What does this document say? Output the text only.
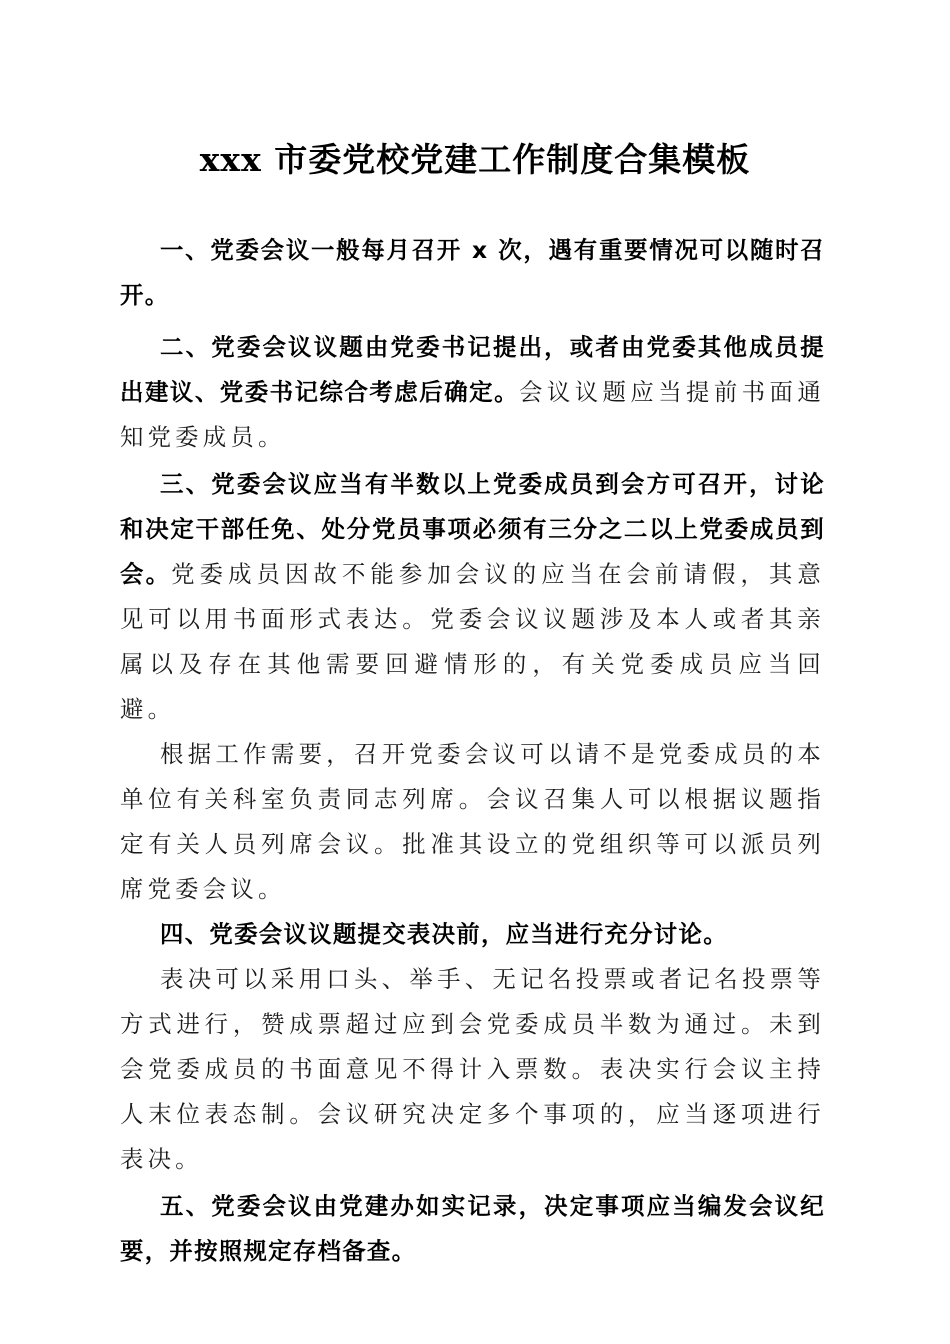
xxx 市委党校党建工作制度合集模板

一、党委会议一般每月召开 x 次，遇有重要情况可以随时召开。

二、党委会议议题由党委书记提出，或者由党委其他成员提出建议、党委书记综合考虑后确定。会议议题应当提前书面通知党委成员。

三、党委会议应当有半数以上党委成员到会方可召开，讨论和决定干部任免、处分党员事项必须有三分之二以上党委成员到会。党委成员因故不能参加会议的应当在会前请假，其意见可以用书面形式表达。党委会议议题涉及本人或者其亲属以及存在其他需要回避情形的，有关党委成员应当回避。

根据工作需要，召开党委会议可以请不是党委成员的本单位有关科室负责同志列席。会议召集人可以根据议题指定有关人员列席会议。批准其设立的党组织等可以派员列席党委会议。

四、党委会议议题提交表决前，应当进行充分讨论。

表决可以采用口头、举手、无记名投票或者记名投票等方式进行，赞成票超过应到会党委成员半数为通过。未到会党委成员的书面意见不得计入票数。表决实行会议主持人末位表态制。会议研究决定多个事项的，应当逐项进行表决。

五、党委会议由党建办如实记录，决定事项应当编发会议纪要，并按照规定存档备查。
